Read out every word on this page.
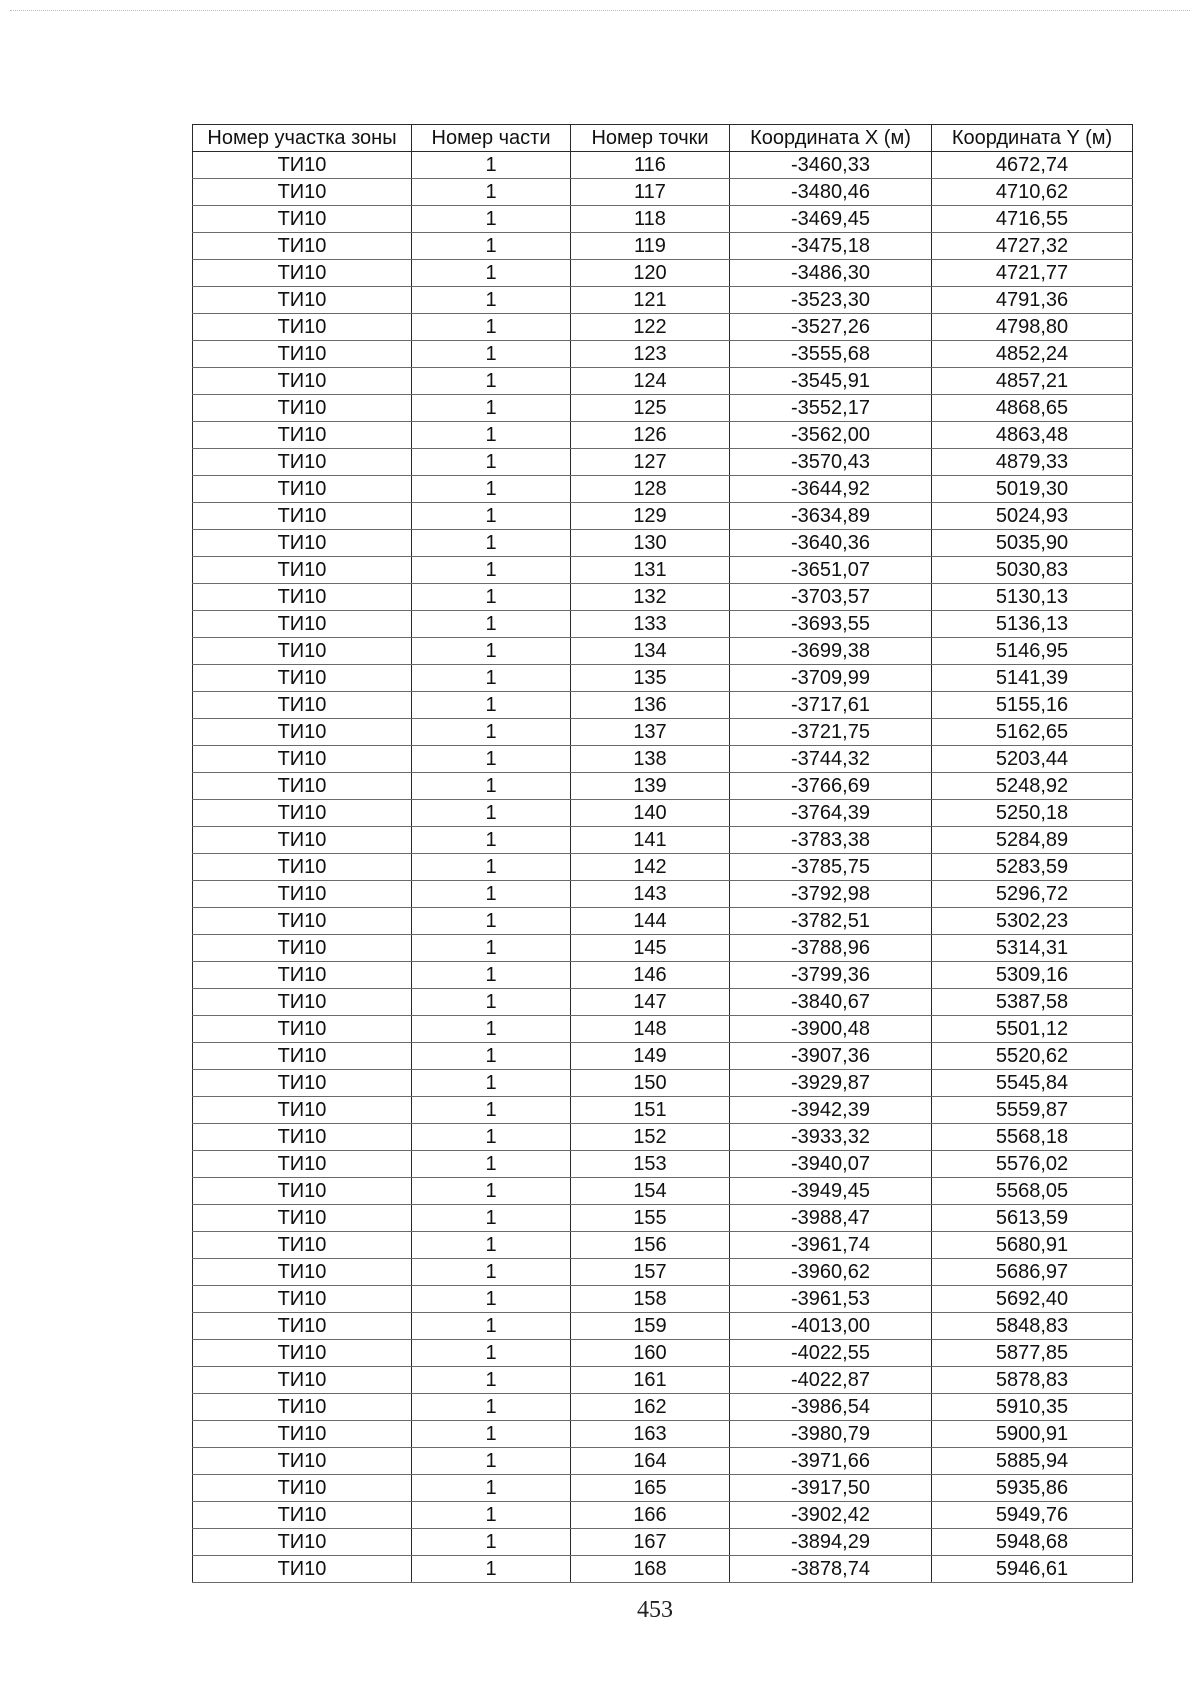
Номер участка зоны	Номер части	Номер точки	Координата X (м)	Координата Y (м)
ТИ10	1	116	-3460,33	4672,74
ТИ10	1	117	-3480,46	4710,62
ТИ10	1	118	-3469,45	4716,55
ТИ10	1	119	-3475,18	4727,32
ТИ10	1	120	-3486,30	4721,77
ТИ10	1	121	-3523,30	4791,36
ТИ10	1	122	-3527,26	4798,80
ТИ10	1	123	-3555,68	4852,24
ТИ10	1	124	-3545,91	4857,21
ТИ10	1	125	-3552,17	4868,65
ТИ10	1	126	-3562,00	4863,48
ТИ10	1	127	-3570,43	4879,33
ТИ10	1	128	-3644,92	5019,30
ТИ10	1	129	-3634,89	5024,93
ТИ10	1	130	-3640,36	5035,90
ТИ10	1	131	-3651,07	5030,83
ТИ10	1	132	-3703,57	5130,13
ТИ10	1	133	-3693,55	5136,13
ТИ10	1	134	-3699,38	5146,95
ТИ10	1	135	-3709,99	5141,39
ТИ10	1	136	-3717,61	5155,16
ТИ10	1	137	-3721,75	5162,65
ТИ10	1	138	-3744,32	5203,44
ТИ10	1	139	-3766,69	5248,92
ТИ10	1	140	-3764,39	5250,18
ТИ10	1	141	-3783,38	5284,89
ТИ10	1	142	-3785,75	5283,59
ТИ10	1	143	-3792,98	5296,72
ТИ10	1	144	-3782,51	5302,23
ТИ10	1	145	-3788,96	5314,31
ТИ10	1	146	-3799,36	5309,16
ТИ10	1	147	-3840,67	5387,58
ТИ10	1	148	-3900,48	5501,12
ТИ10	1	149	-3907,36	5520,62
ТИ10	1	150	-3929,87	5545,84
ТИ10	1	151	-3942,39	5559,87
ТИ10	1	152	-3933,32	5568,18
ТИ10	1	153	-3940,07	5576,02
ТИ10	1	154	-3949,45	5568,05
ТИ10	1	155	-3988,47	5613,59
ТИ10	1	156	-3961,74	5680,91
ТИ10	1	157	-3960,62	5686,97
ТИ10	1	158	-3961,53	5692,40
ТИ10	1	159	-4013,00	5848,83
ТИ10	1	160	-4022,55	5877,85
ТИ10	1	161	-4022,87	5878,83
ТИ10	1	162	-3986,54	5910,35
ТИ10	1	163	-3980,79	5900,91
ТИ10	1	164	-3971,66	5885,94
ТИ10	1	165	-3917,50	5935,86
ТИ10	1	166	-3902,42	5949,76
ТИ10	1	167	-3894,29	5948,68
ТИ10	1	168	-3878,74	5946,61
453
